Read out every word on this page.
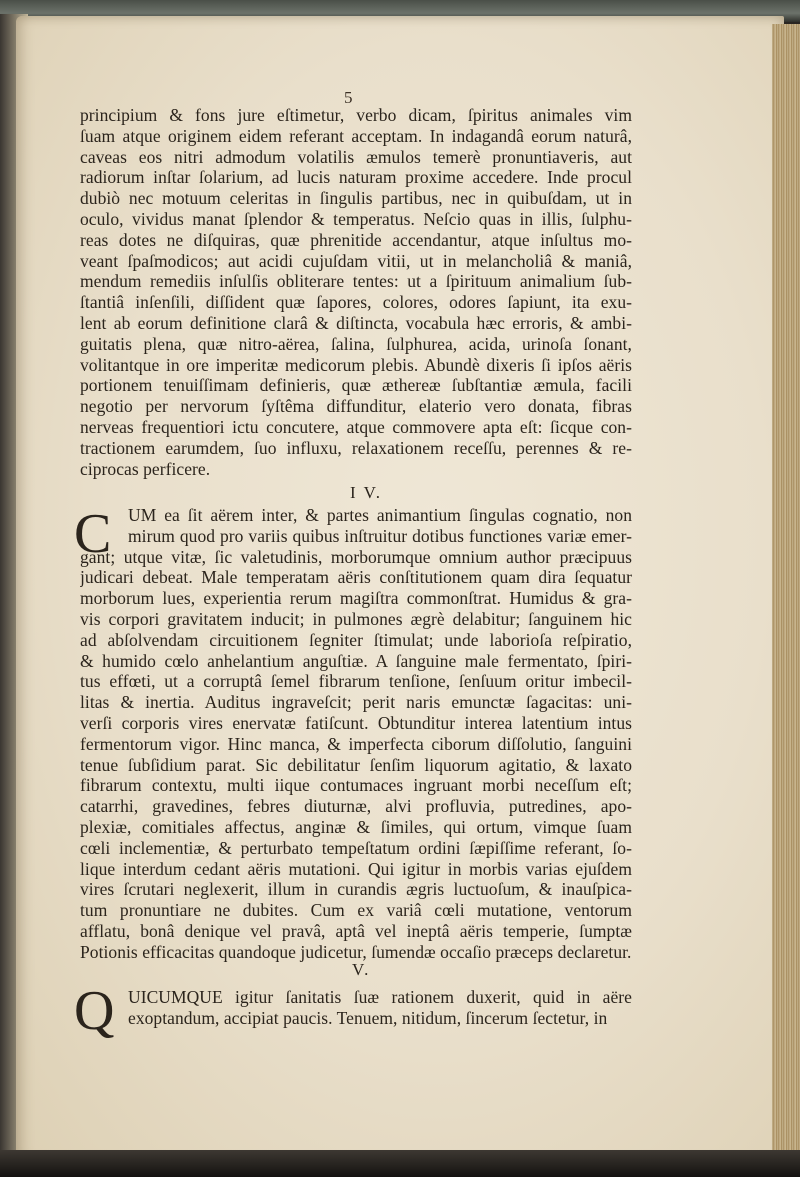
5
principium & fons jure eſtimetur, verbo dicam, ſpiritus animales vim
ſuam atque originem eidem referant acceptam. In indagandâ eorum naturâ,
caveas eos nitri admodum volatilis æmulos temerè pronuntiaveris, aut
radiorum inſtar ſolarium, ad lucis naturam proxime accedere. Inde procul
dubiò nec motuum celeritas in ſingulis partibus, nec in quibuſdam, ut in
oculo, vividus manat ſplendor & temperatus. Neſcio quas in illis, ſulphu-
reas dotes ne diſquiras, quæ phrenitide accendantur, atque inſultus mo-
veant ſpaſmodicos; aut acidi cujuſdam vitii, ut in melancholiâ & maniâ,
mendum remediis inſulſis obliterare tentes: ut a ſpirituum animalium ſub-
ſtantiâ inſenſili, diſſident quæ ſapores, colores, odores ſapiunt, ita exu-
lent ab eorum definitione clarâ & diſtincta, vocabula hæc erroris, & ambi-
guitatis plena, quæ nitro-aërea, ſalina, ſulphurea, acida, urinoſa ſonant,
volitantque in ore imperitæ medicorum plebis. Abundè dixeris ſi ipſos aëris
portionem tenuiſſimam definieris, quæ æthereæ ſubſtantiæ æmula, facili
negotio per nervorum ſyſtêma diffunditur, elaterio vero donata, fibras
nerveas frequentiori ictu concutere, atque commovere apta eſt: ſicque con-
tractionem earumdem, ſuo influxu, relaxationem receſſu, perennes & re-
ciprocas perficere.
I V.
C UM ea ſit aërem inter, & partes animantium ſingulas cognatio, non
mirum quod pro variis quibus inſtruitur dotibus functiones variæ emer-
gant; utque vitæ, ſic valetudinis, morborumque omnium author præcipuus
judicari debeat. Male temperatam aëris conſtitutionem quam dira ſequatur
morborum lues, experientia rerum magiſtra commonſtrat. Humidus & gra-
vis corpori gravitatem inducit; in pulmones ægrè delabitur; ſanguinem hic
ad abſolvendam circuitionem ſegniter ſtimulat; unde laborioſa reſpiratio,
& humido cœlo anhelantium anguſtiæ. A ſanguine male fermentato, ſpiri-
tus effœti, ut a corruptâ ſemel fibrarum tenſione, ſenſuum oritur imbecil-
litas & inertia. Auditus ingraveſcit; perit naris emunctæ ſagacitas: uni-
verſi corporis vires enervatæ fatiſcunt. Obtunditur interea latentium intus
fermentorum vigor. Hinc manca, & imperfecta ciborum diſſolutio, ſanguini
tenue ſubſidium parat. Sic debilitatur ſenſim liquorum agitatio, & laxato
fibrarum contextu, multi iique contumaces ingruant morbi neceſſum eſt;
catarrhi, gravedines, febres diuturnæ, alvi profluvia, putredines, apo-
plexiæ, comitiales affectus, anginæ & ſimiles, qui ortum, vimque ſuam
cœli inclementiæ, & perturbato tempeſtatum ordini ſæpiſſime referant, ſo-
lique interdum cedant aëris mutationi. Qui igitur in morbis varias ejuſdem
vires ſcrutari neglexerit, illum in curandis ægris luctuoſum, & inauſpica-
tum pronuntiare ne dubites. Cum ex variâ cœli mutatione, ventorum
afflatu, bonâ denique vel pravâ, aptâ vel ineptâ aëris temperie, ſumptæ
Potionis efficacitas quandoque judicetur, ſumendæ occaſio præceps declaretur.
V.
Q UICUMQUE igitur ſanitatis ſuæ rationem duxerit, quid in aëre
exoptandum, accipiat paucis. Tenuem, nitidum, ſincerum ſectetur, in
